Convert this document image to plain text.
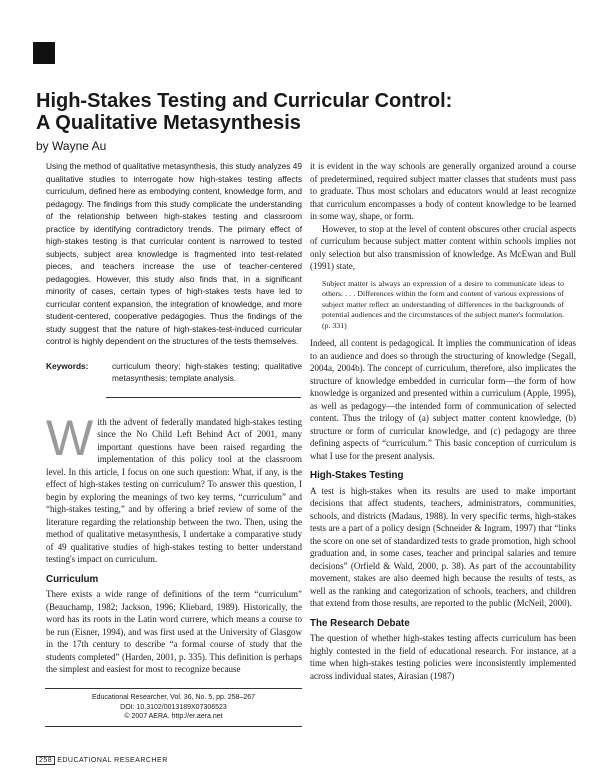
High-Stakes Testing and Curricular Control:
A Qualitative Metasynthesis
by Wayne Au

Using the method of qualitative metasynthesis, this study analyzes 49 qualitative studies to interrogate how high-stakes testing affects curriculum, defined here as embodying content, knowledge form, and pedagogy. The findings from this study complicate the understanding of the relationship between high-stakes testing and classroom practice by identifying contradictory trends. The primary effect of high-stakes testing is that curricular content is narrowed to tested subjects, subject area knowledge is fragmented into test-related pieces, and teachers increase the use of teacher-centered pedagogies. However, this study also finds that, in a significant minority of cases, certain types of high-stakes tests have led to curricular content expansion, the integration of knowledge, and more student-centered, cooperative pedagogies. Thus the findings of the study suggest that the nature of high-stakes-test-induced curricular control is highly dependent on the structures of the tests themselves.

Keywords:	curriculum theory; high-stakes testing; qualitative metasynthesis; template analysis.
W ith the advent of federally mandated high-stakes testing since the No Child Left Behind Act of 2001, many important questions have been raised regarding the implementation of this policy tool at the classroom level. In this article, I focus on one such question: What, if any, is the effect of high-stakes testing on curriculum? To answer this question, I begin by exploring the meanings of two key terms, “curriculum” and “high-stakes testing,” and by offering a brief review of some of the literature regarding the relationship between the two. Then, using the method of qualitative metasynthesis, I undertake a comparative study of 49 qualitative studies of high-stakes testing to better understand testing's impact on curriculum.

Curriculum

There exists a wide range of definitions of the term “curriculum” (Beauchamp, 1982; Jackson, 1996; Kliebard, 1989). Historically, the word has its roots in the Latin word currere, which means a course to be run (Eisner, 1994), and was first used at the University of Glasgow in the 17th century to describe “a formal course of study that the students completed” (Harden, 2001, p. 335). This definition is perhaps the simplest and easiest for most to recognize because

it is evident in the way schools are generally organized around a course of predetermined, required subject matter classes that students must pass to graduate. Thus most scholars and educators would at least recognize that curriculum encompasses a body of content knowledge to be learned in some way, shape, or form.

However, to stop at the level of content obscures other crucial aspects of curriculum because subject matter content within schools implies not only selection but also transmission of knowledge. As McEwan and Bull (1991) state,

Subject matter is always an expression of a desire to communicate ideas to others. . . . Differences within the form and content of various expressions of subject matter reflect an understanding of differences in the backgrounds of potential audiences and the circumstances of the subject matter's formulation. (p. 331)

Indeed, all content is pedagogical. It implies the communication of ideas to an audience and does so through the structuring of knowledge (Segall, 2004a, 2004b). The concept of curriculum, therefore, also implicates the structure of knowledge embedded in curricular form—the form of how knowledge is organized and presented within a curriculum (Apple, 1995), as well as pedagogy—the intended form of communication of selected content. Thus the trilogy of (a) subject matter content knowledge, (b) structure or form of curricular knowledge, and (c) pedagogy are three defining aspects of “curriculum.” This basic conception of curriculum is what I use for the present analysis.

High-Stakes Testing

A test is high-stakes when its results are used to make important decisions that affect students, teachers, administrators, communities, schools, and districts (Madaus, 1988). In very specific terms, high-stakes tests are a part of a policy design (Schneider & Ingram, 1997) that “links the score on one set of standardized tests to grade promotion, high school graduation and, in some cases, teacher and principal salaries and tenure decisions” (Orfield & Wald, 2000, p. 38). As part of the accountability movement, stakes are also deemed high because the results of tests, as well as the ranking and categorization of schools, teachers, and children that extend from those results, are reported to the public (McNeil, 2000).

The Research Debate

The question of whether high-stakes testing affects curriculum has been highly contested in the field of educational research. For instance, at a time when high-stakes testing policies were inconsistently implemented across individual states, Airasian (1987)

Educational Researcher, Vol. 36, No. 5, pp. 258–267
DOI: 10.3102/0013189X07306523
© 2007 AERA. http://er.aera.net
258 EDUCATIONAL RESEARCHER
